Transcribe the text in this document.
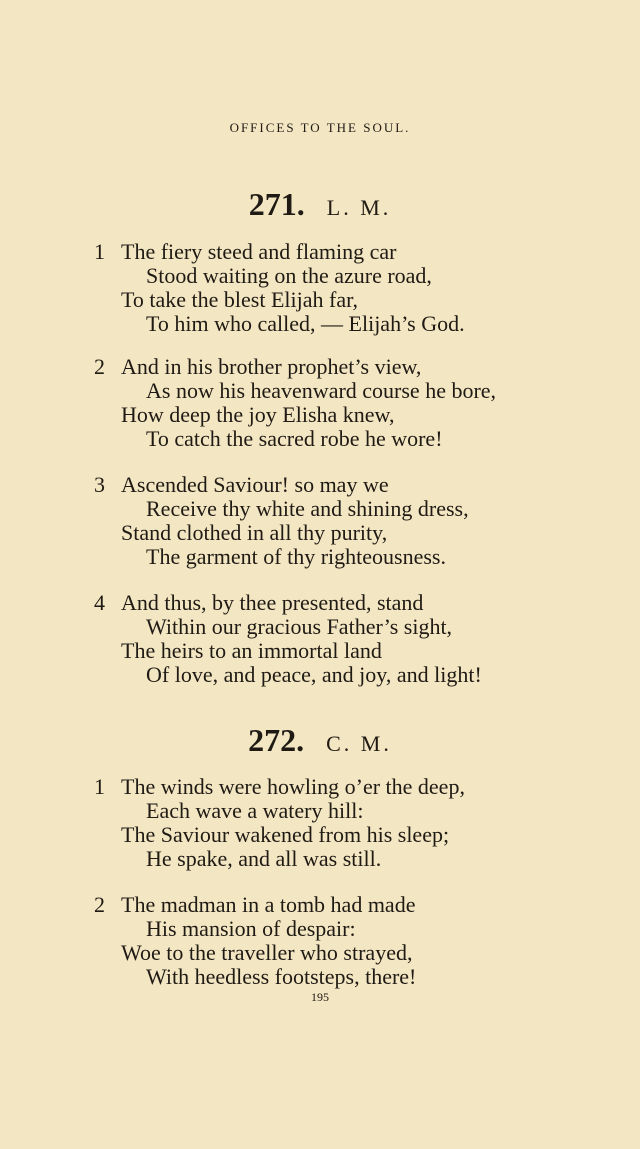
OFFICES TO THE SOUL.
271. L. M.
1 The fiery steed and flaming car
Stood waiting on the azure road,
To take the blest Elijah far,
To him who called, — Elijah’s God.
2 And in his brother prophet’s view,
As now his heavenward course he bore,
How deep the joy Elisha knew,
To catch the sacred robe he wore!
3 Ascended Saviour! so may we
Receive thy white and shining dress,
Stand clothed in all thy purity,
The garment of thy righteousness.
4 And thus, by thee presented, stand
Within our gracious Father’s sight,
The heirs to an immortal land
Of love, and peace, and joy, and light!
272. C. M.
1 The winds were howling o’er the deep,
Each wave a watery hill:
The Saviour wakened from his sleep;
He spake, and all was still.
2 The madman in a tomb had made
His mansion of despair:
Woe to the traveller who strayed,
With heedless footsteps, there!
195
